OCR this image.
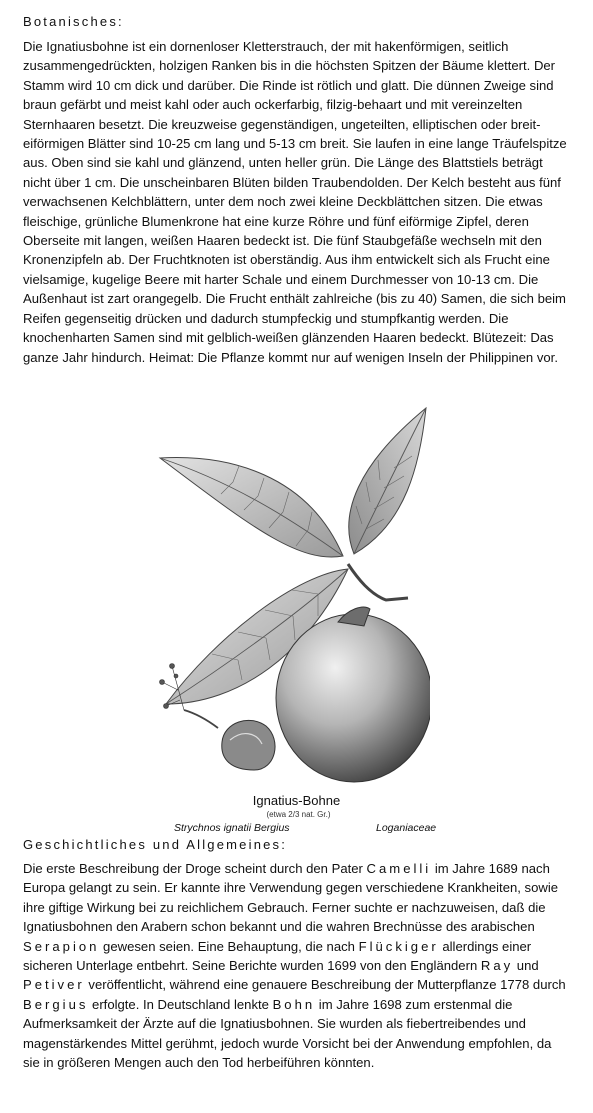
Botanisches:

Die Ignatiusbohne ist ein dornenloser Kletterstrauch, der mit hakenförmigen, seitlich zusammengedrückten, holzigen Ranken bis in die höchsten Spitzen der Bäume klettert. Der Stamm wird 10 cm dick und darüber. Die Rinde ist rötlich und glatt. Die dünnen Zweige sind braun gefärbt und meist kahl oder auch ockerfarbig, filzig-behaart und mit vereinzelten Sternhaaren besetzt. Die kreuzweise gegenständigen, ungeteilten, elliptischen oder breit-eiförmigen Blätter sind 10-25 cm lang und 5-13 cm breit. Sie laufen in eine lange Träufelspitze aus. Oben sind sie kahl und glänzend, unten heller grün. Die Länge des Blattstiels beträgt nicht über 1 cm. Die unscheinbaren Blüten bilden Traubendolden. Der Kelch besteht aus fünf verwachsenen Kelchblättern, unter dem noch zwei kleine Deckblättchen sitzen. Die etwas fleischige, grünliche Blumenkrone hat eine kurze Röhre und fünf eiförmige Zipfel, deren Oberseite mit langen, weißen Haaren bedeckt ist. Die fünf Staubgefäße wechseln mit den Kronenzipfeln ab. Der Fruchtknoten ist oberständig. Aus ihm entwickelt sich als Frucht eine vielsamige, kugelige Beere mit harter Schale und einem Durchmesser von 10-13 cm. Die Außenhaut ist zart orangegelb. Die Frucht enthält zahlreiche (bis zu 40) Samen, die sich beim Reifen gegenseitig drücken und dadurch stumpfeckig und stumpfkantig werden. Die knochenharten Samen sind mit gelblich-weißen glänzenden Haaren bedeckt. Blütezeit: Das ganze Jahr hindurch. Heimat: Die Pflanze kommt nur auf wenigen Inseln der Philippinen vor.

Ignatius-Bohne
(etwa 2/3 nat. Gr.)
Strychnos ignatii Bergius	Loganiaceae
Geschichtliches und Allgemeines:

Die erste Beschreibung der Droge scheint durch den Pater Camelli im Jahre 1689 nach Europa gelangt zu sein. Er kannte ihre Verwendung gegen verschiedene Krankheiten, sowie ihre giftige Wirkung bei zu reichlichem Gebrauch. Ferner suchte er nachzuweisen, daß die Ignatiusbohnen den Arabern schon bekannt und die wahren Brechnüsse des arabischen Serapion gewesen seien. Eine Behauptung, die nach Flückiger allerdings einer sicheren Unterlage entbehrt. Seine Berichte wurden 1699 von den Engländern Ray und Petiver veröffentlicht, während eine genauere Beschreibung der Mutterpflanze 1778 durch Bergius erfolgte. In Deutschland lenkte Bohn im Jahre 1698 zum erstenmal die Aufmerksamkeit der Ärzte auf die Ignatiusbohnen. Sie wurden als fiebertreibendes und magenstärkendes Mittel gerühmt, jedoch wurde Vorsicht bei der Anwendung empfohlen, da sie in größeren Mengen auch den Tod herbeiführen könnten.
